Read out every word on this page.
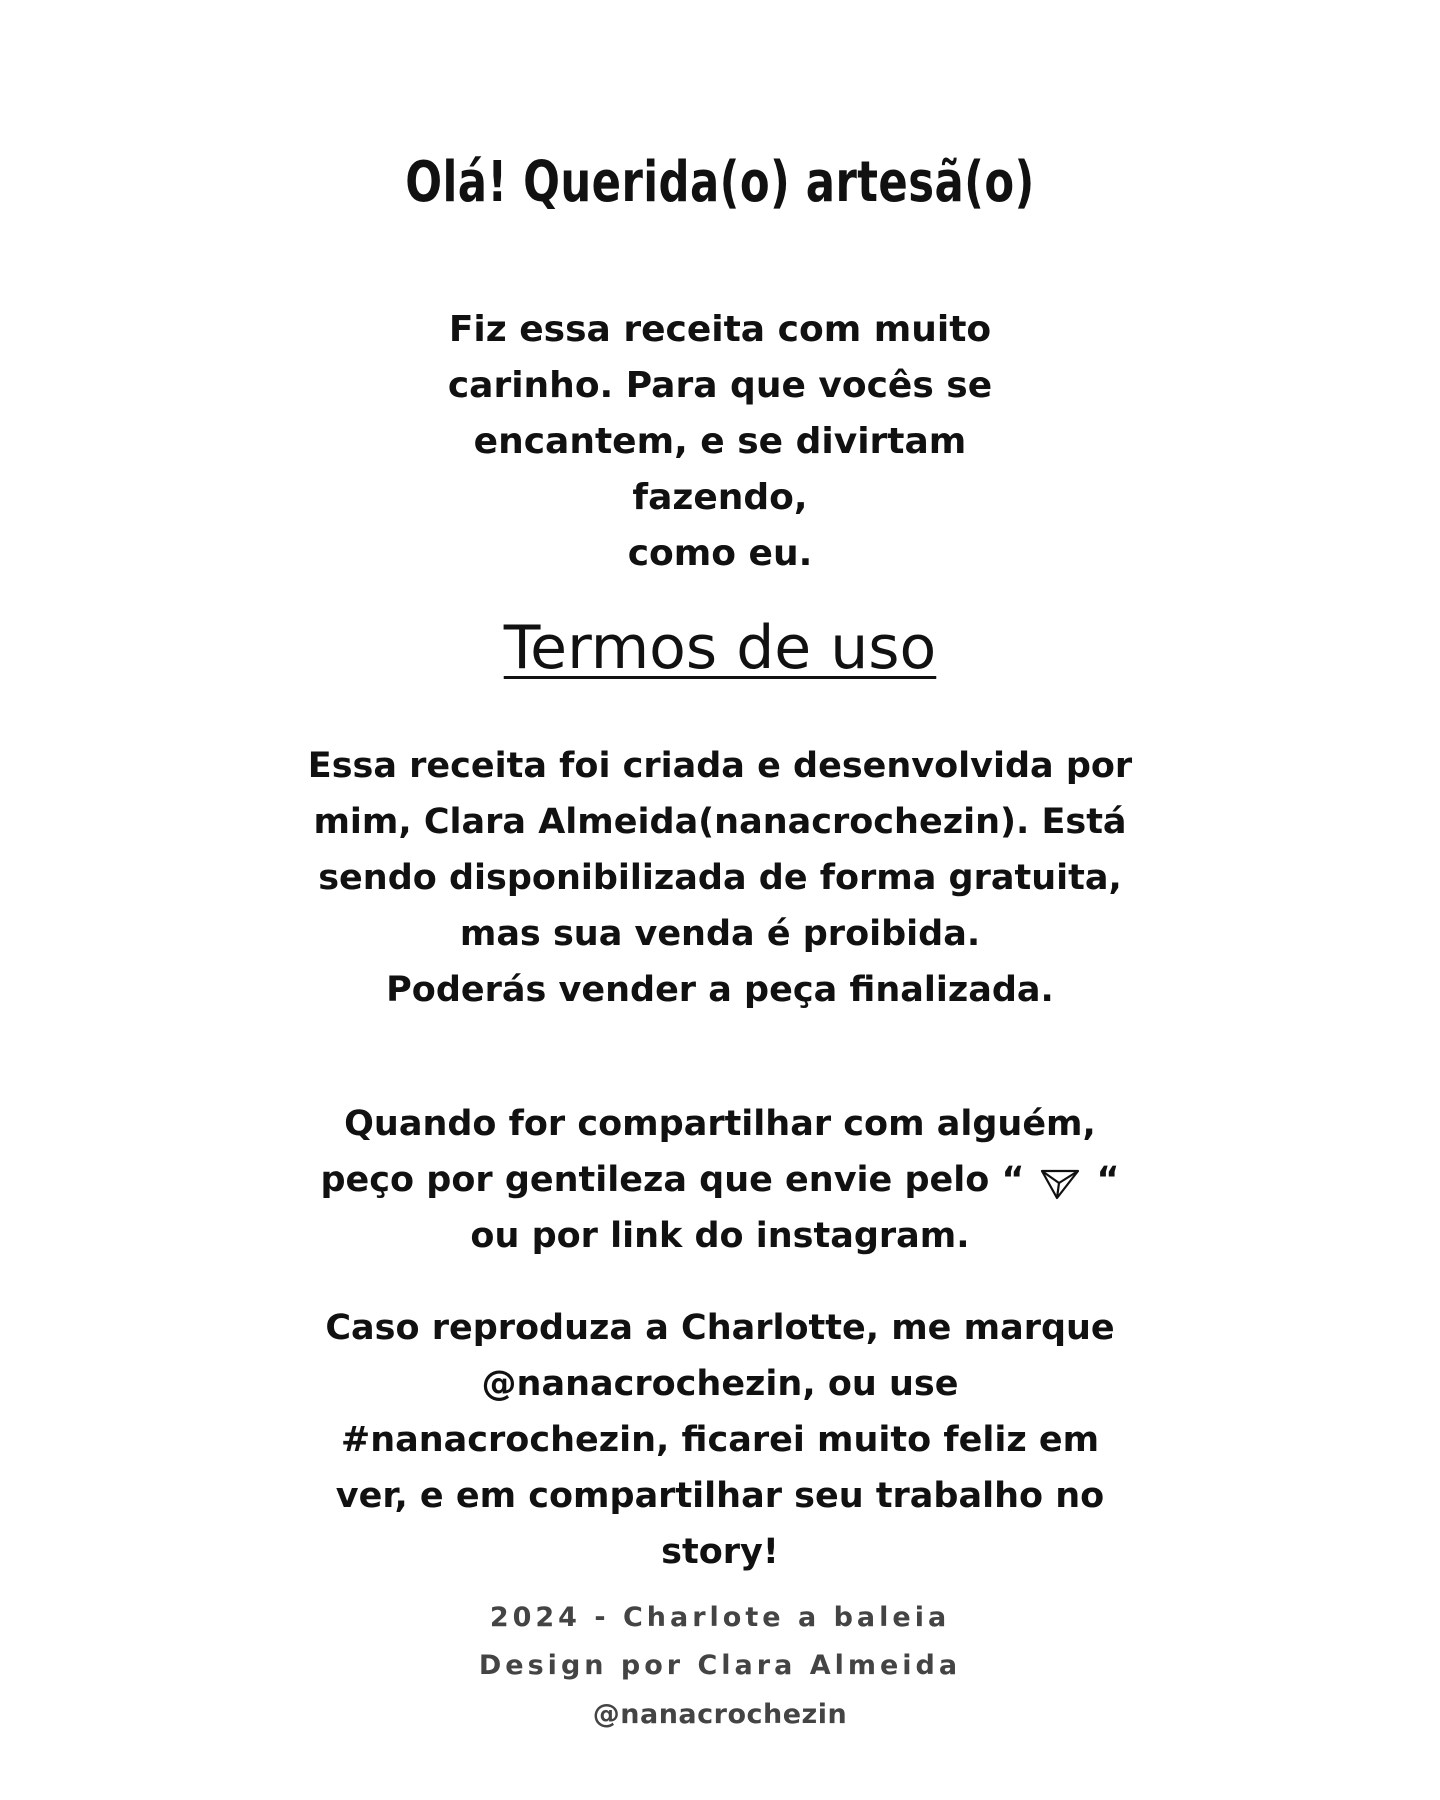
Olá! Querida(o) artesã(o)
Fiz essa receita com muito
carinho. Para que vocês se
encantem, e se divirtam fazendo,
como eu.
Termos de uso
Essa receita foi criada e desenvolvida por
mim, Clara Almeida(nanacrochezin). Está
sendo disponibilizada de forma gratuita,
mas sua venda é proibida.
Poderás vender a peça finalizada.
Quando for compartilhar com alguém,
peço por gentileza que envie pelo “ “
ou por link do instagram.
Caso reproduza a Charlotte, me marque
@nanacrochezin, ou use
#nanacrochezin, ficarei muito feliz em
ver, e em compartilhar seu trabalho no
story!
2024 - Charlote a baleia
Design por Clara Almeida
@nanacrochezin
